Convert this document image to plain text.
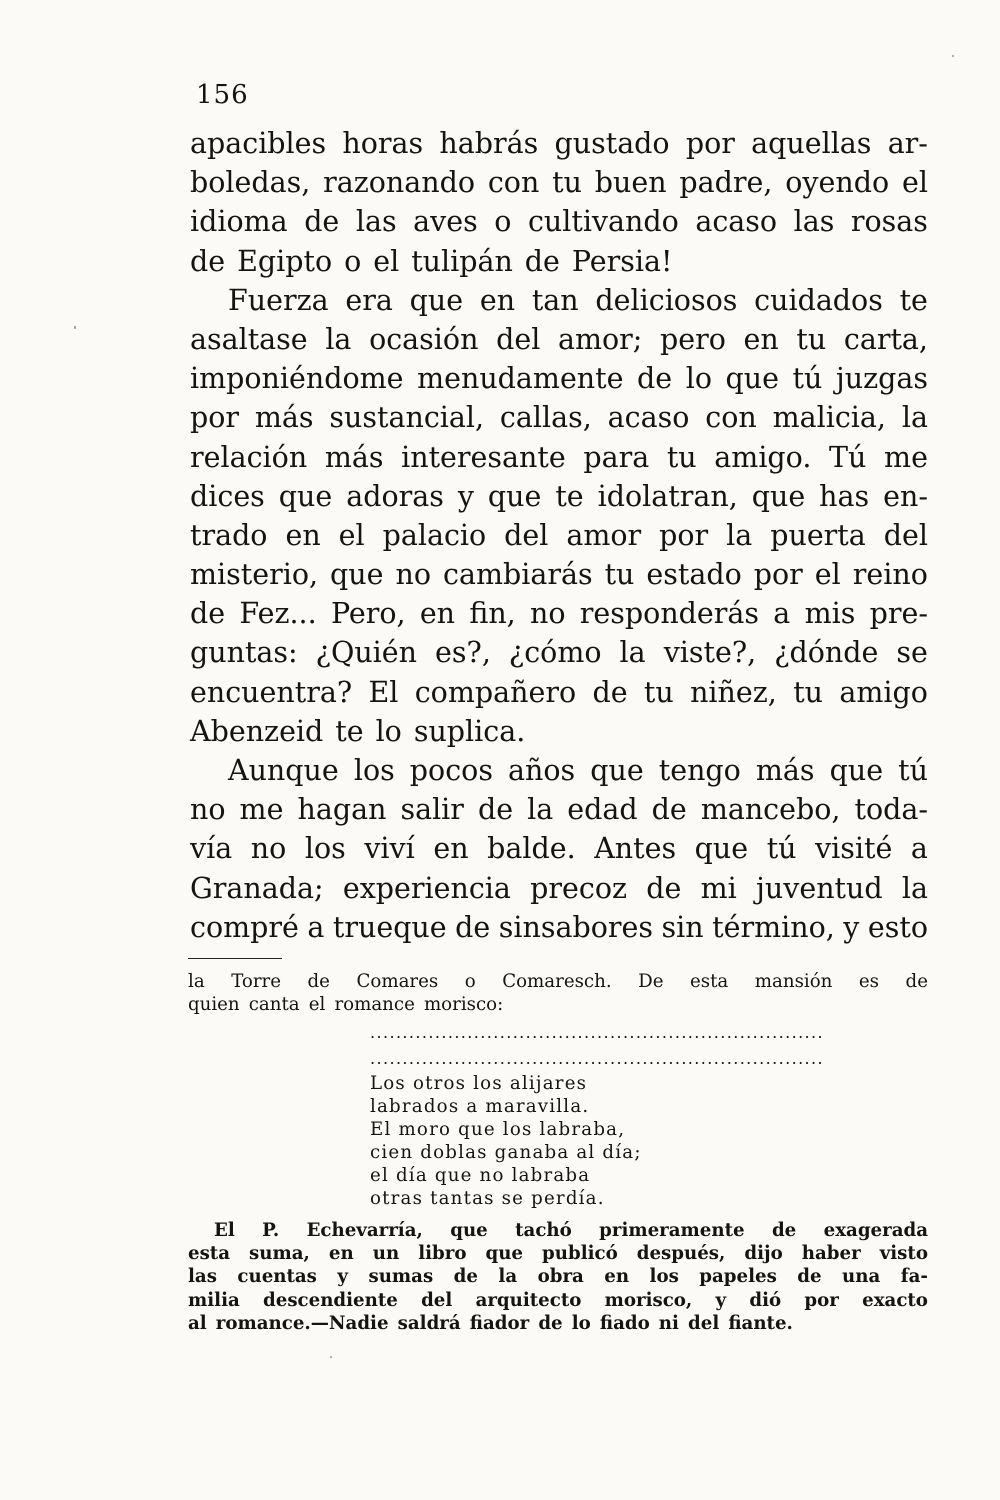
156
apacibles horas habrás gustado por aquellas ar-
boledas, razonando con tu buen padre, oyendo el
idioma de las aves o cultivando acaso las rosas
de Egipto o el tulipán de Persia!
Fuerza era que en tan deliciosos cuidados te
asaltase la ocasión del amor; pero en tu carta,
imponiéndome menudamente de lo que tú juzgas
por más sustancial, callas, acaso con malicia, la
relación más interesante para tu amigo. Tú me
dices que adoras y que te idolatran, que has en-
trado en el palacio del amor por la puerta del
misterio, que no cambiarás tu estado por el reino
de Fez... Pero, en fin, no responderás a mis pre-
guntas: ¿Quién es?, ¿cómo la viste?, ¿dónde se
encuentra? El compañero de tu niñez, tu amigo
Abenzeid te lo suplica.
Aunque los pocos años que tengo más que tú
no me hagan salir de la edad de mancebo, toda-
vía no los viví en balde. Antes que tú visité a
Granada; experiencia precoz de mi juventud la
compré a trueque de sinsabores sin término, y esto
la Torre de Comares o Comaresch. De esta mansión es de
quien canta el romance morisco:
......................................................................
......................................................................
Los otros los alijares
labrados a maravilla.
El moro que los labraba,
cien doblas ganaba al día;
el día que no labraba
otras tantas se perdía.
El P. Echevarría, que tachó primeramente de exagerada
esta suma, en un libro que publicó después, dijo haber visto
las cuentas y sumas de la obra en los papeles de una fa-
milia descendiente del arquitecto morisco, y dió por exacto
al romance.—Nadie saldrá fiador de lo fiado ni del fiante.
